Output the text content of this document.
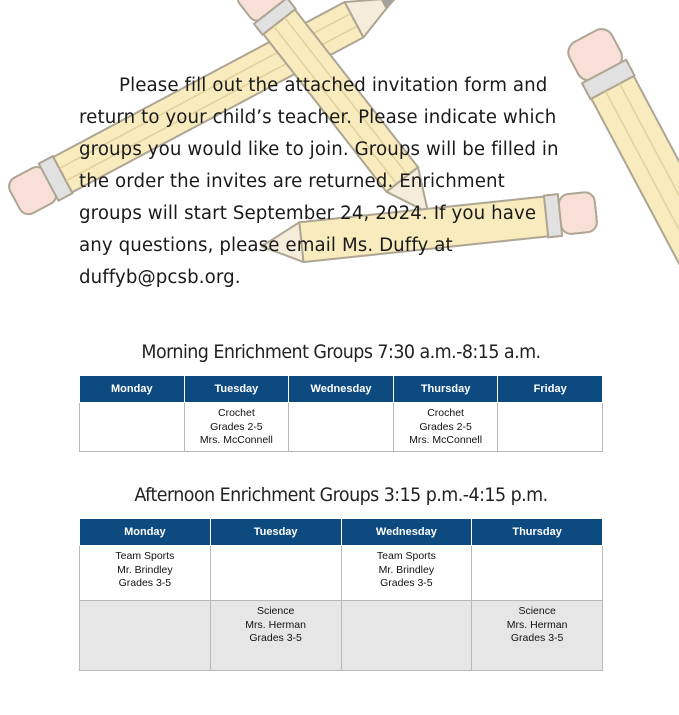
Please fill out the attached invitation form and
return to your child’s teacher. Please indicate which
groups you would like to join. Groups will be filled in
the order the invites are returned. Enrichment
groups will start September 24, 2024. If you have
any questions, please email Ms. Duffy at
duffyb@pcsb.org.
Morning Enrichment Groups 7:30 a.m.-8:15 a.m.
Monday	Tuesday	Wednesday	Thursday	Friday

	Crochet
Grades 2-5
Mrs. McConnell		Crochet
Grades 2-5
Mrs. McConnell	

Afternoon Enrichment Groups 3:15 p.m.-4:15 p.m.
Monday	Tuesday	Wednesday	Thursday

Team Sports
Mr. Brindley
Grades 3-5		Team Sports
Mr. Brindley
Grades 3-5	

	Science
Mrs. Herman
Grades 3-5		Science
Mrs. Herman
Grades 3-5
